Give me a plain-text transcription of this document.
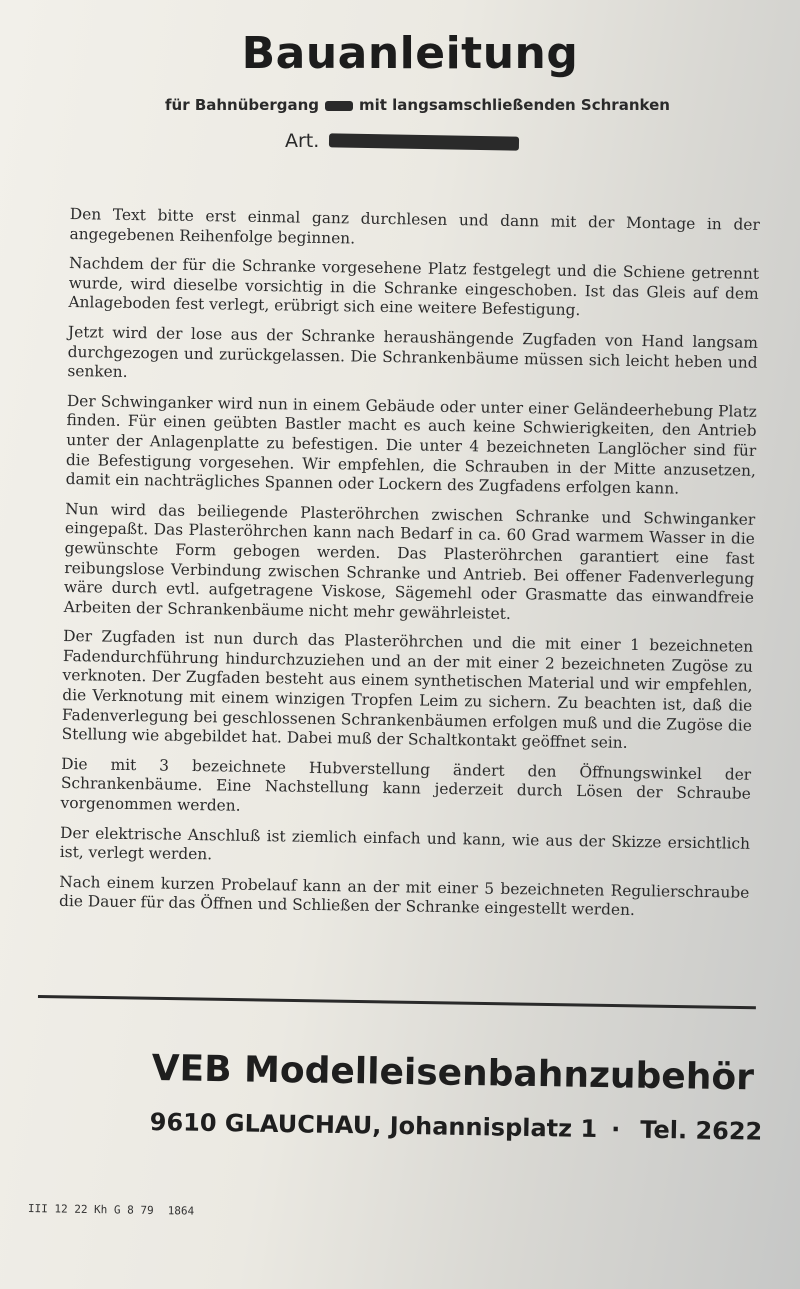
Bauanleitung
für Bahnübergang	mit langsamschließenden Schranken
Art.

Den Text bitte erst einmal ganz durchlesen und dann mit der Montage in der angegebenen Reihenfolge beginnen.

Nachdem der für die Schranke vorgesehene Platz festgelegt und die Schiene getrennt wurde, wird dieselbe vorsichtig in die Schranke eingeschoben. Ist das Gleis auf dem Anlageboden fest verlegt, erübrigt sich eine weitere Befestigung.

Jetzt wird der lose aus der Schranke heraushängende Zugfaden von Hand langsam durchgezogen und zurückgelassen. Die Schrankenbäume müssen sich leicht heben und senken.

Der Schwinganker wird nun in einem Gebäude oder unter einer Geländeerhebung Platz finden. Für einen geübten Bastler macht es auch keine Schwierigkeiten, den Antrieb unter der Anlagenplatte zu befestigen. Die unter 4 bezeichneten Langlöcher sind für die Befestigung vorgesehen. Wir empfehlen, die Schrauben in der Mitte anzusetzen, damit ein nachträgliches Spannen oder Lockern des Zugfadens erfolgen kann.

Nun wird das beiliegende Plasteröhrchen zwischen Schranke und Schwinganker eingepaßt. Das Plasteröhrchen kann nach Bedarf in ca. 60 Grad warmem Wasser in die gewünschte Form gebogen werden. Das Plasteröhrchen garantiert eine fast reibungslose Verbindung zwischen Schranke und Antrieb. Bei offener Fadenverlegung wäre durch evtl. aufgetragene Viskose, Sägemehl oder Grasmatte das einwandfreie Arbeiten der Schrankenbäume nicht mehr gewährleistet.

Der Zugfaden ist nun durch das Plasteröhrchen und die mit einer 1 bezeichneten Fadendurchführung hindurchzuziehen und an der mit einer 2 bezeichneten Zugöse zu verknoten. Der Zugfaden besteht aus einem synthetischen Material und wir empfehlen, die Verknotung mit einem winzigen Tropfen Leim zu sichern. Zu beachten ist, daß die Fadenverlegung bei geschlossenen Schrankenbäumen erfolgen muß und die Zugöse die Stellung wie abgebildet hat. Dabei muß der Schaltkontakt geöffnet sein.

Die mit 3 bezeichnete Hubverstellung ändert den Öffnungswinkel der Schrankenbäume. Eine Nachstellung kann jederzeit durch Lösen der Schraube vorgenommen werden.

Der elektrische Anschluß ist ziemlich einfach und kann, wie aus der Skizze ersichtlich ist, verlegt werden.

Nach einem kurzen Probelauf kann an der mit einer 5 bezeichneten Regulierschraube die Dauer für das Öffnen und Schließen der Schranke eingestellt werden.

VEB Modelleisenbahnzubehör
9610 GLAUCHAU, Johannisplatz 1 · Tel. 2622
III 12 22 Kh G 8 79 1864
